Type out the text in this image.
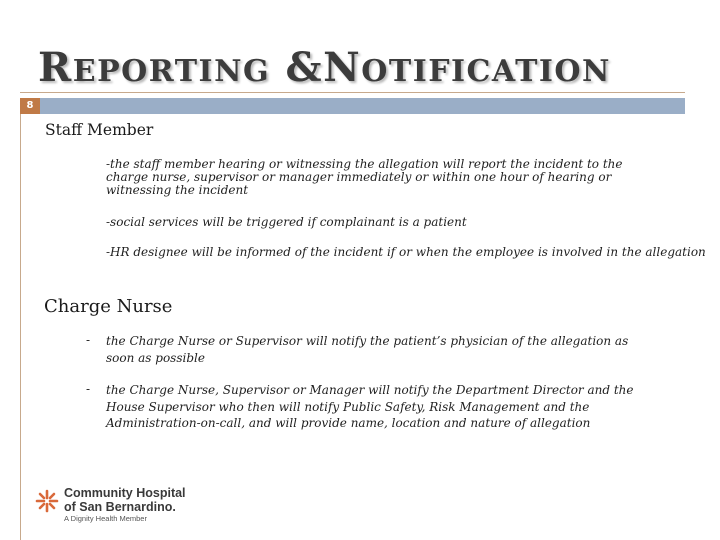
REPORTING &NOTIFICATION
8
Staff Member
-the staff member hearing or witnessing the allegation will report the incident to the charge nurse, supervisor or manager immediately or within one hour of hearing or witnessing the incident
-social services will be triggered if complainant is a patient
-HR designee will be informed of the incident if or when the employee is involved in the allegation
Charge Nurse
- the Charge Nurse or Supervisor will notify the patient’s physician of the allegation as soon as possible
- the Charge Nurse, Supervisor or Manager will notify the Department Director and the House Supervisor who then will notify Public Safety, Risk Management and the Administration-on-call, and will provide name, location and nature of allegation
Community Hospital
of San Bernardino.
A Dignity Health Member
